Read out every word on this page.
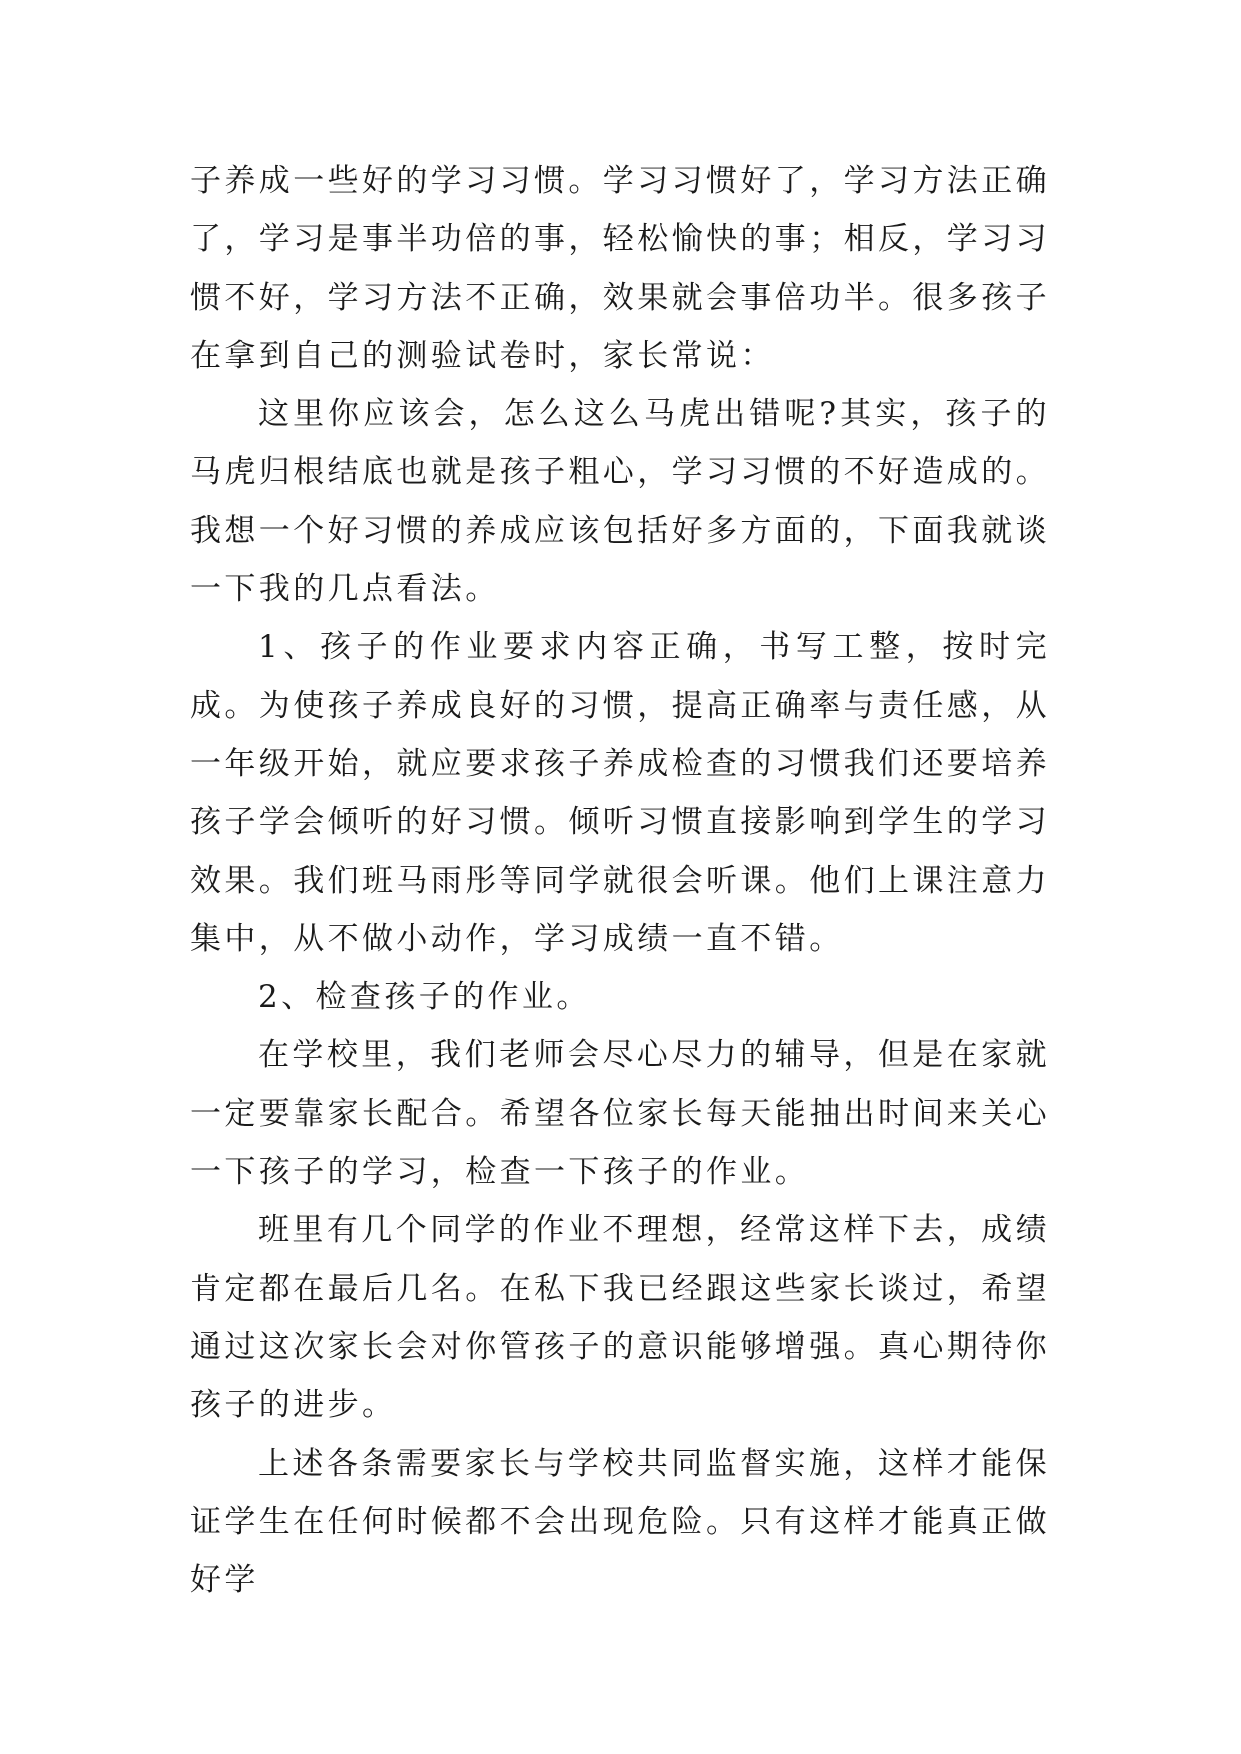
子养成一些好的学习习惯。学习习惯好了，学习方法正确了，学习是事半功倍的事，轻松愉快的事；相反，学习习惯不好，学习方法不正确，效果就会事倍功半。很多孩子在拿到自己的测验试卷时，家长常说：

这里你应该会，怎么这么马虎出错呢?其实，孩子的马虎归根结底也就是孩子粗心，学习习惯的不好造成的。我想一个好习惯的养成应该包括好多方面的，下面我就谈一下我的几点看法。

1、孩子的作业要求内容正确，书写工整，按时完成。为使孩子养成良好的习惯，提高正确率与责任感，从一年级开始，就应要求孩子养成检查的习惯我们还要培养孩子学会倾听的好习惯。倾听习惯直接影响到学生的学习效果。我们班马雨彤等同学就很会听课。他们上课注意力集中，从不做小动作，学习成绩一直不错。

2、检查孩子的作业。

在学校里，我们老师会尽心尽力的辅导，但是在家就一定要靠家长配合。希望各位家长每天能抽出时间来关心一下孩子的学习，检查一下孩子的作业。

班里有几个同学的作业不理想，经常这样下去，成绩肯定都在最后几名。在私下我已经跟这些家长谈过，希望通过这次家长会对你管孩子的意识能够增强。真心期待你孩子的进步。

上述各条需要家长与学校共同监督实施，这样才能保证学生在任何时候都不会出现危险。只有这样才能真正做好学
